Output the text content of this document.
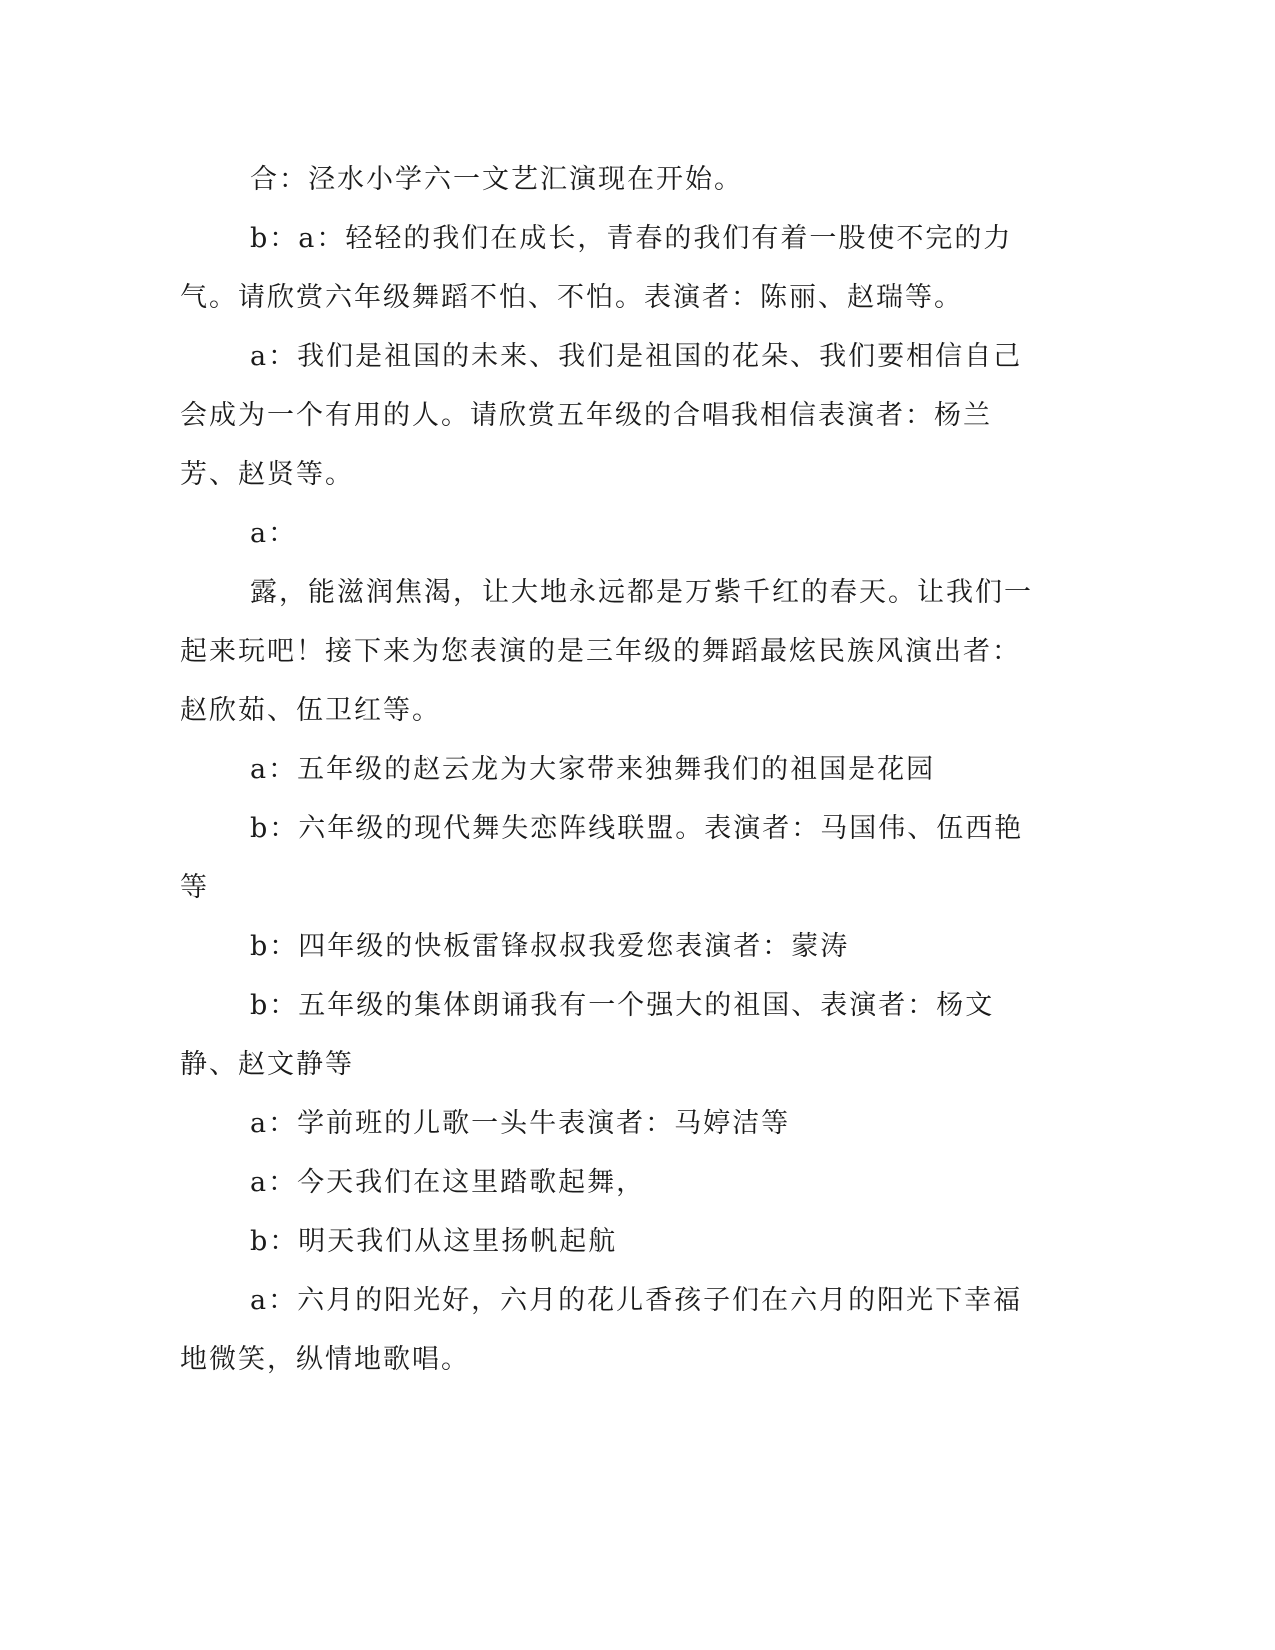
合：泾水小学六一文艺汇演现在开始。

b：a：轻轻的我们在成长，青春的我们有着一股使不完的力气。请欣赏六年级舞蹈不怕、不怕。表演者：陈丽、赵瑞等。

a：我们是祖国的未来、我们是祖国的花朵、我们要相信自己会成为一个有用的人。请欣赏五年级的合唱我相信表演者：杨兰芳、赵贤等。

a：

露，能滋润焦渴，让大地永远都是万紫千红的春天。让我们一起来玩吧！接下来为您表演的是三年级的舞蹈最炫民族风演出者：赵欣茹、伍卫红等。

a：五年级的赵云龙为大家带来独舞我们的祖国是花园

b：六年级的现代舞失恋阵线联盟。表演者：马国伟、伍西艳等

b：四年级的快板雷锋叔叔我爱您表演者：蒙涛

b：五年级的集体朗诵我有一个强大的祖国、表演者：杨文静、赵文静等

a：学前班的儿歌一头牛表演者：马婷洁等

a：今天我们在这里踏歌起舞，

b：明天我们从这里扬帆起航

a：六月的阳光好，六月的花儿香孩子们在六月的阳光下幸福地微笑，纵情地歌唱。
